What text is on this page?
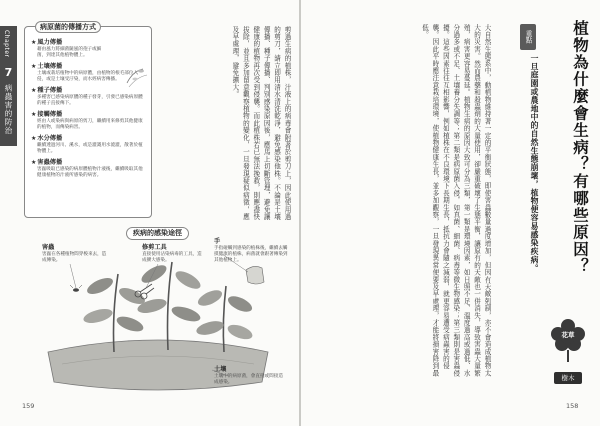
Chapter
7
病蟲害的防治
病原菌的傳播方式
★風力傳播
藉由風力將細菌隨風的孢子或細菌，到達其他植物體上。
★土壤傳播
土壤或栽培植物中的病原體，由植物的根毛部位入侵，或是土壤受汙染，而水經病害傳播。
★種子傳播
多種害已感染病原體的種子發芽，引發已感染病原體的種子直接傳下。
★接觸傳播
經由人或染病與病原的剪刀，繼續用來修剪其他健康的植物，而傳染病害。
★水分傳播
繼續透過河川、溪水，或是灌溉用水澆灌，散著於植物體上。
★害蟲傳播
害蟲吸取已感染的病原體植物汁液後，繼續吸取其他健康植物的汁液所感染的病害。	剪過生病的植株，汁液上的病毒會附著於剪刀上，因此使用過的剪刀，請立即用清水清洗乾淨，避免感染他株。不論是土壤傳播、種子傳播、判別感染原因後，應馬上切斷管理，避免讓健康的植物再次受到侵襲。而此植株若已無法挽救，則應盡快拔除，並且多加留意觀察植物的變化，一旦發現疑似病徵，應及早處理，避免擴大。
疾病的感染途徑
害蟲
害蟲在各種植物間穿梭來去，造成傳染。
修剪工具
直接使用沾染病毒的工具，造成擴大感染。
手
手指碰觸到感染的植株後，繼續去觸摸健康的植株，病菌就會跟著傳染到其他植物上。
土壤
土壤中的病原菌，會直接或間接造成感染。
159
植物為什麼會生病？有哪些原因？
重點
一旦庭園或農地中的自然生態崩壞，植物便容易感染疾病。
大自然生態系中，動植物維持著一定的平衡狀態，即使害蟲數量過度增加，但因有天敵剋制，亦不會造成植物太大的災害。然而農藥和殺蟲劑的大量使用，卻嚴重破壞了生態平衡，讓原有的天敵也一併消失，導致害蟲大量繁殖，病害更容易蔓延。植物生病的原因大致可分為三類，第一類是環境因素，如日照不足、溫度過高或過低、水分過多或不足、土壤養分失調等；第二類是病原菌入侵，如真菌、細菌、病毒等微生物感染；第三類則是害蟲侵擾。這些因素往往互相影響，例如植株在不良環境下長期生長，抵抗力會隨之減弱，就更容易遭受病蟲害的侵襲。因此平時應注意栽培環境，使植物健康生長，並多加觀察，一旦發現異常便要及早處理，才能將損害降到最低。
花草
樹木
158
